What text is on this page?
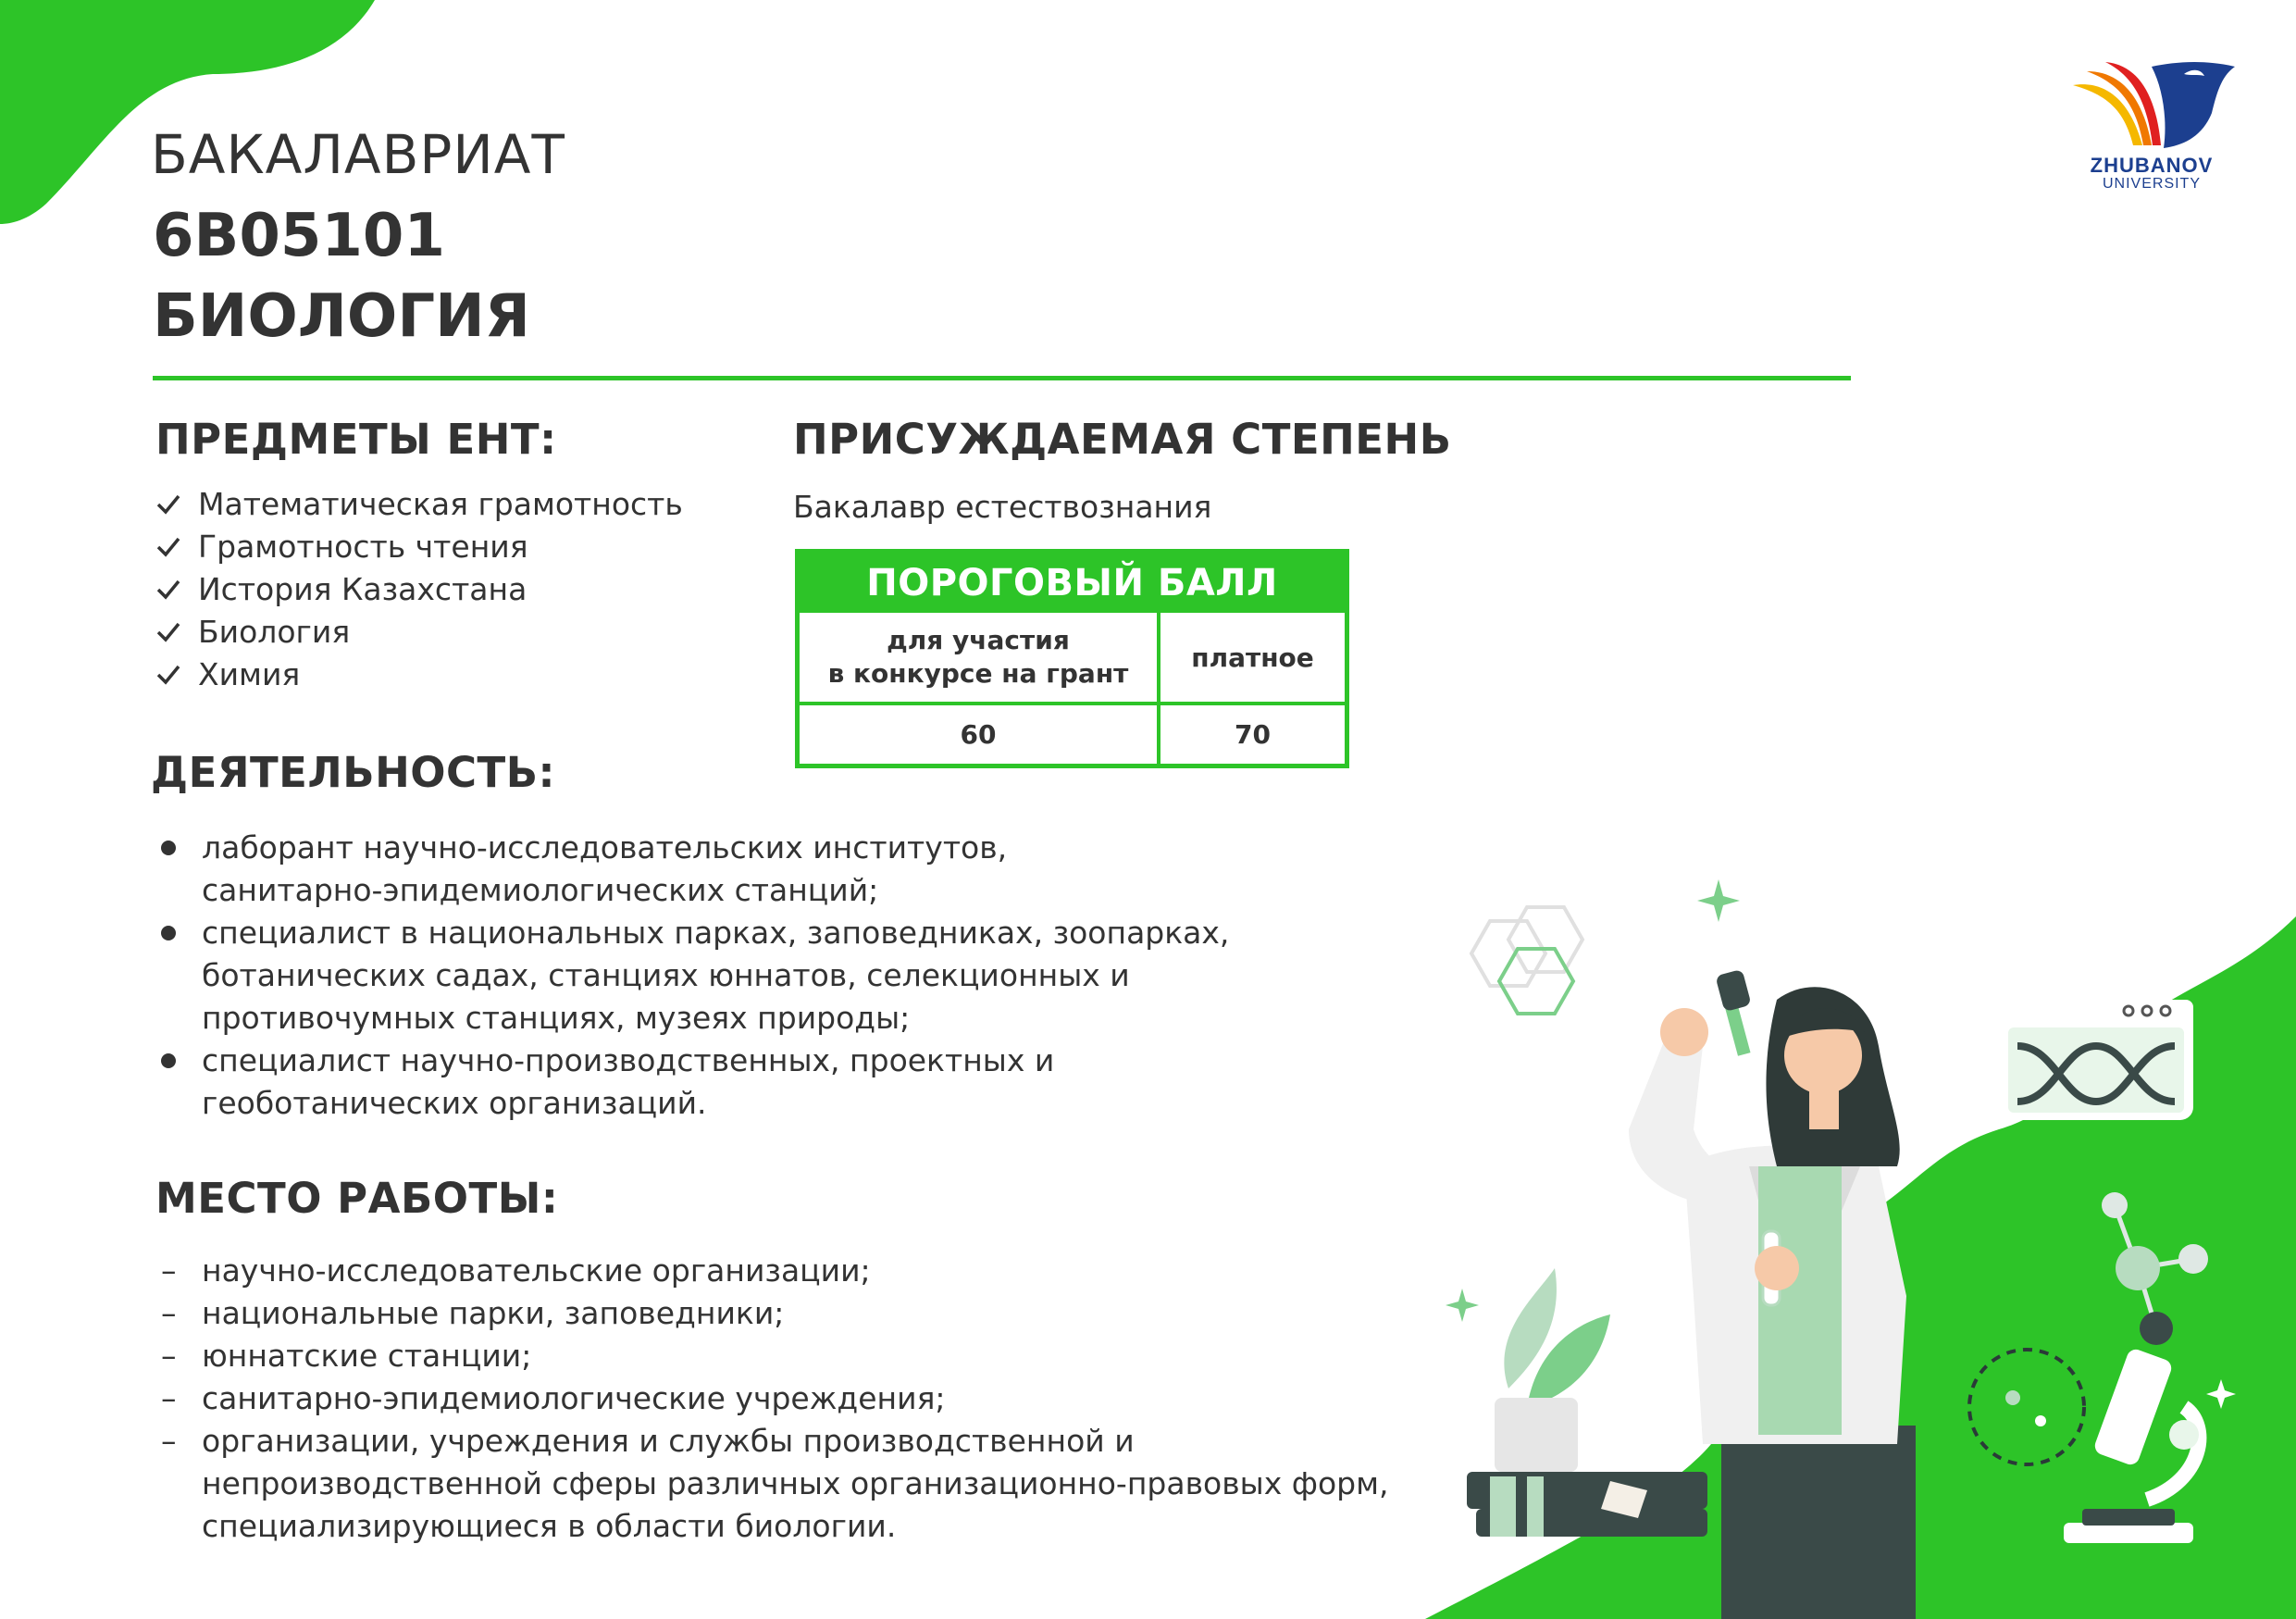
ZHUBANOV
UNIVERSITY
БАКАЛАВРИАТ
6B05101
БИОЛОГИЯ
ПРЕДМЕТЫ ЕНТ:
Математическая грамотность
Грамотность чтения
История Казахстана
Биология
Химия
ПРИСУЖДАЕМАЯ СТЕПЕНЬ
Бакалавр естествознания
ПОРОГОВЫЙ БАЛЛ
для участия
в конкурсе на грант
платное
60	70
ДЕЯТЕЛЬНОСТЬ:
лаборант научно-исследовательских институтов,
санитарно-эпидемиологических станций;
специалист в национальных парках, заповедниках, зоопарках,
ботанических садах, станциях юннатов, селекционных и
противочумных станциях, музеях природы;
специалист научно-производственных, проектных и
геоботанических организаций.
МЕСТО РАБОТЫ:
– научно-исследовательские организации;
– национальные парки, заповедники;
– юннатские станции;
– санитарно-эпидемиологические учреждения;
– организации, учреждения и службы производственной и
непроизводственной сферы различных организационно-правовых форм,
специализирующиеся в области биологии.
